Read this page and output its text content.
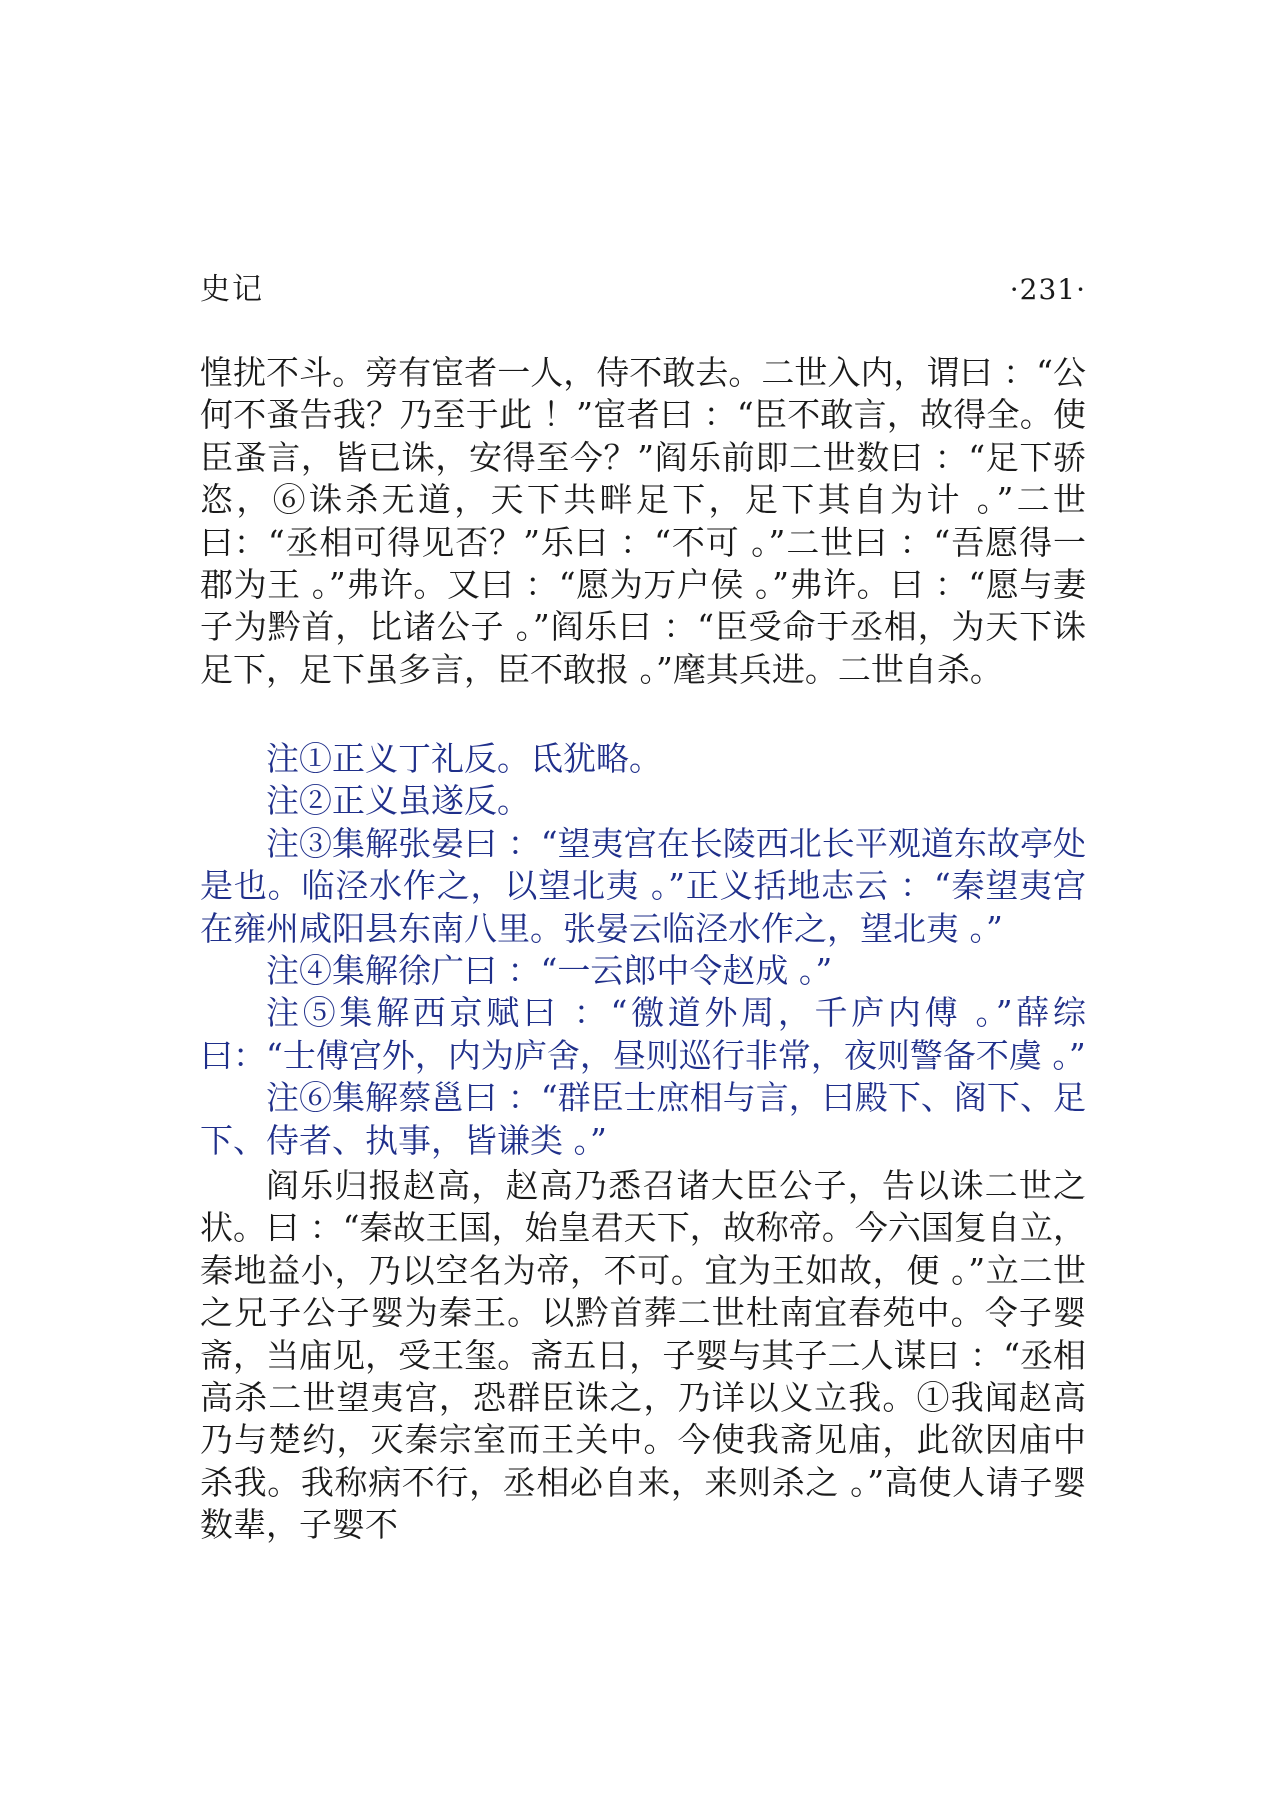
史记	·231·

惶扰不斗。旁有宦者一人，侍不敢去。二世入内，谓曰 ：“公何不蚤告我？乃至于此 ！”宦者曰 ：“臣不敢言，故得全。使臣蚤言，皆已诛，安得至今？”阎乐前即二世数曰 ：“足下骄恣，⑥诛杀无道，天下共畔足下，足下其自为计 。”二世曰：“丞相可得见否？”乐曰 ：“不可 。”二世曰 ：“吾愿得一郡为王 。”弗许。又曰 ：“愿为万户侯 。”弗许。曰 ：“愿与妻子为黔首，比诸公子 。”阎乐曰 ：“臣受命于丞相，为天下诛足下，足下虽多言，臣不敢报 。”麾其兵进。二世自杀。

注①正义丁礼反。氐犹略。

注②正义虽遂反。

注③集解张晏曰 ：“望夷宫在长陵西北长平观道东故亭处是也。临泾水作之，以望北夷 。”正义括地志云 ：“秦望夷宫在雍州咸阳县东南八里。张晏云临泾水作之，望北夷 。”

注④集解徐广曰 ：“一云郎中令赵成 。”

注⑤集解西京赋曰 ：“徼道外周，千庐内傅 。”薛综曰：“士傅宫外，内为庐舍，昼则巡行非常，夜则警备不虞 。”

注⑥集解蔡邕曰 ：“群臣士庶相与言，曰殿下、阁下、足下、侍者、执事，皆谦类 。”

阎乐归报赵高，赵高乃悉召诸大臣公子，告以诛二世之状。曰 ：“秦故王国，始皇君天下，故称帝。今六国复自立，秦地益小，乃以空名为帝，不可。宜为王如故，便 。”立二世之兄子公子婴为秦王。以黔首葬二世杜南宜春苑中。令子婴斋，当庙见，受王玺。斋五日，子婴与其子二人谋曰 ：“丞相高杀二世望夷宫，恐群臣诛之，乃详以义立我。①我闻赵高乃与楚约，灭秦宗室而王关中。今使我斋见庙，此欲因庙中杀我。我称病不行，丞相必自来，来则杀之 。”高使人请子婴数辈，子婴不
